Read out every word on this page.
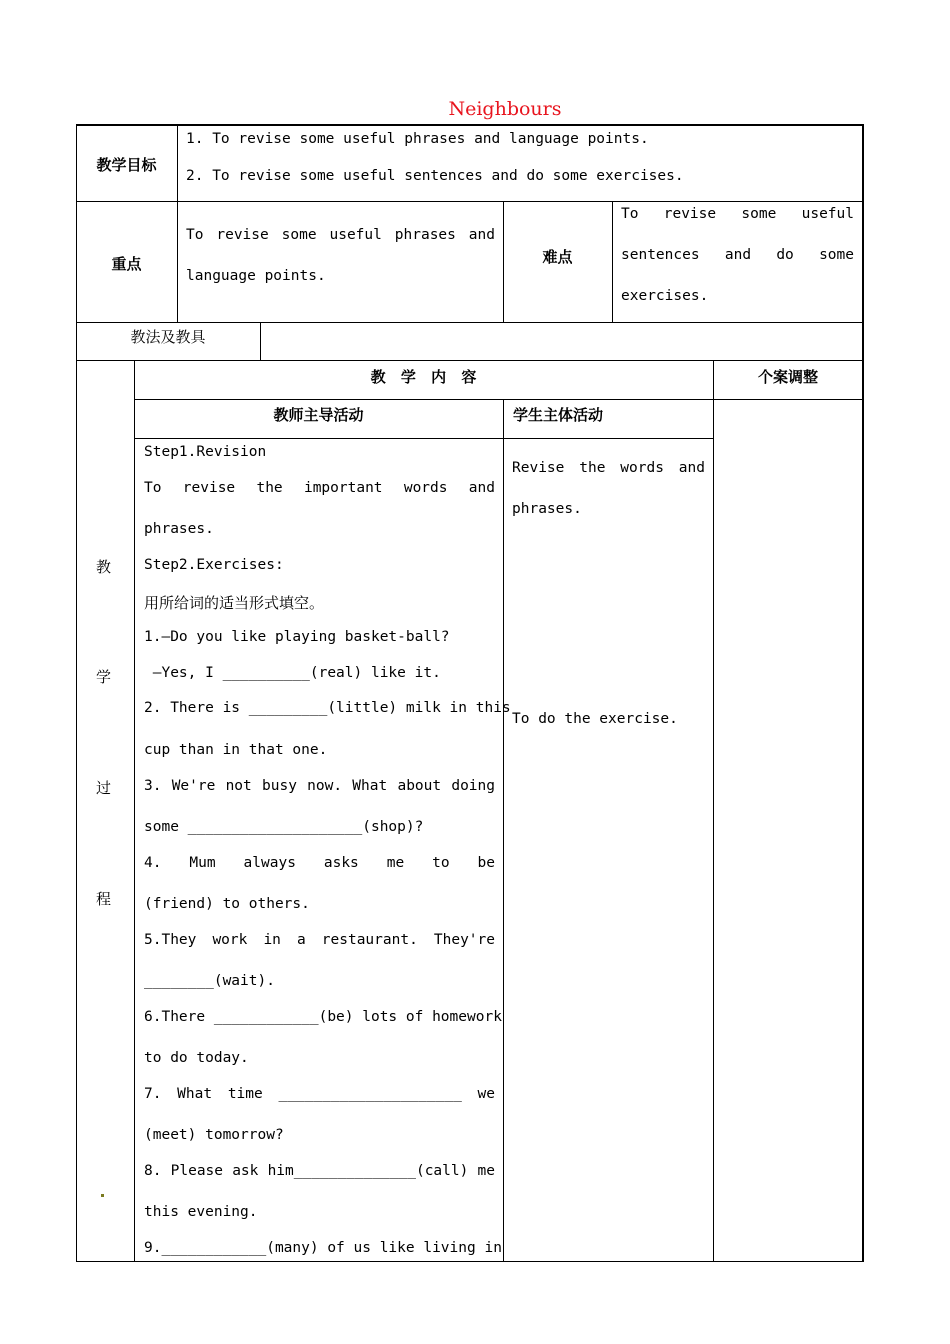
Neighbours
教学目标
1. To revise some useful phrases and language points.
2. To revise some useful sentences and do some exercises.
重点
To revise some useful phrases and
language points.
难点
To revise some useful
sentences and do some
exercises.
教法及教具
教
学
过
程
教 学 内 容	个案调整
教师主导活动	学生主体活动
Step1.Revision
To revise the important words and
phrases.
Step2.Exercises:
用所给词的适当形式填空。
1.—Do you like playing basket-ball?
—Yes, I __________(real) like it.
2. There is _________(little) milk in this
cup than in that one.
3. We're not busy now. What about doing
some ____________________(shop)?
4. Mum always asks me to be
(friend) to others.
5.They work in a restaurant. They're
________(wait).
6.There ____________(be) lots of homework
to do today.
7. What time _____________________ we
(meet) tomorrow?
8. Please ask him______________(call) me
this evening.
9.____________(many) of us like living in
Revise the words and
phrases.
To do the exercise.
